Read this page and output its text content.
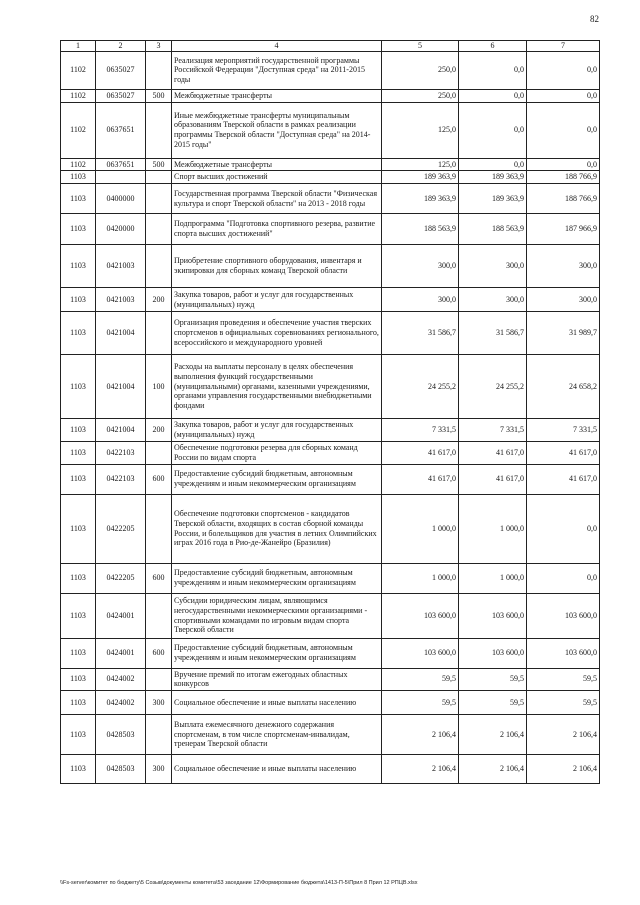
82
1	2	3	4	5	6	7
1102	0635027		Реализация мероприятий государственной программы Российской Федерации "Доступная среда" на 2011-2015 годы	250,0	0,0	0,0
1102	0635027	500	Межбюджетные трансферты	250,0	0,0	0,0
1102	0637651		Иные межбюджетные трансферты муниципальным образованиям Тверской области в рамках реализации программы Тверской области "Доступная среда" на 2014-2015 годы"	125,0	0,0	0,0
1102	0637651	500	Межбюджетные трансферты	125,0	0,0	0,0
1103			Спорт высших достижений	189 363,9	189 363,9	188 766,9
1103	0400000		Государственная программа Тверской области "Физическая культура и спорт Тверской области" на 2013 - 2018 годы	189 363,9	189 363,9	188 766,9
1103	0420000		Подпрограмма "Подготовка спортивного резерва, развитие спорта высших достижений"	188 563,9	188 563,9	187 966,9
1103	0421003		Приобретение спортивного оборудования, инвентаря и экипировки для сборных команд Тверской области	300,0	300,0	300,0
1103	0421003	200	Закупка товаров, работ и услуг для государственных (муниципальных) нужд	300,0	300,0	300,0
1103	0421004		Организация проведения и обеспечение участия тверских спортсменов в официальных соревнованиях регионального, всероссийского и международного уровней	31 586,7	31 586,7	31 989,7
1103	0421004	100	Расходы на выплаты персоналу в целях обеспечения выполнения функций государственными (муниципальными) органами, казенными учреждениями, органами управления государственными внебюджетными фондами	24 255,2	24 255,2	24 658,2
1103	0421004	200	Закупка товаров, работ и услуг для государственных (муниципальных) нужд	7 331,5	7 331,5	7 331,5
1103	0422103		Обеспечение подготовки резерва для сборных команд России по видам спорта	41 617,0	41 617,0	41 617,0
1103	0422103	600	Предоставление субсидий бюджетным, автономным учреждениям и иным некоммерческим организациям	41 617,0	41 617,0	41 617,0
1103	0422205		Обеспечение подготовки спортсменов - кандидатов Тверской области, входящих в состав сборной команды России, и болельщиков для участия в летних Олимпийских играх 2016 года в Рио-де-Жанейро (Бразилия)	1 000,0	1 000,0	0,0
1103	0422205	600	Предоставление субсидий бюджетным, автономным учреждениям и иным некоммерческим организациям	1 000,0	1 000,0	0,0
1103	0424001		Субсидии юридическим лицам, являющимся негосударственными некоммерческими организациями - спортивными командами по игровым видам спорта Тверской области	103 600,0	103 600,0	103 600,0
1103	0424001	600	Предоставление субсидий бюджетным, автономным учреждениям и иным некоммерческим организациям	103 600,0	103 600,0	103 600,0
1103	0424002		Вручение премий по итогам ежегодных областных конкурсов	59,5	59,5	59,5
1103	0424002	300	Социальное обеспечение и иные выплаты населению	59,5	59,5	59,5
1103	0428503		Выплата ежемесячного денежного содержания спортсменам, в том числе спортсменам-инвалидам, тренерам Тверской области	2 106,4	2 106,4	2 106,4
1103	0428503	300	Социальное обеспечение и иные выплаты населению	2 106,4	2 106,4	2 106,4
\\Fs-server\комитет по бюджету\5 Созыв\документы комитета\53 заседание 12\Формирование бюджета\1413-П-5\Прил 8 Прил 12 РПЦВ.xlsx
